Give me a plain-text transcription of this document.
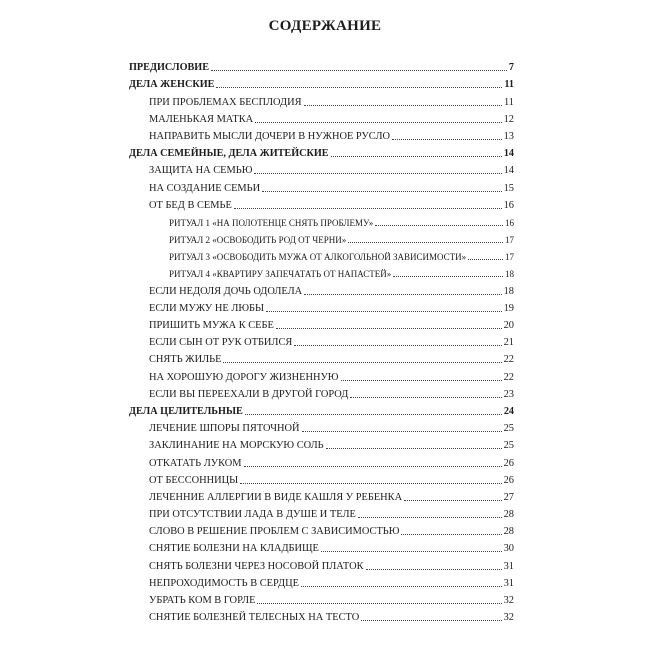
СОДЕРЖАНИЕ
ПРЕДИСЛОВИЕ	7
ДЕЛА ЖЕНСКИЕ	11
ПРИ ПРОБЛЕМАХ БЕСПЛОДИЯ	11
МАЛЕНЬКАЯ МАТКА	12
НАПРАВИТЬ МЫСЛИ ДОЧЕРИ В НУЖНОЕ РУСЛО	13
ДЕЛА СЕМЕЙНЫЕ, ДЕЛА ЖИТЕЙСКИЕ	14
ЗАЩИТА НА СЕМЬЮ	14
НА СОЗДАНИЕ СЕМЬИ	15
ОТ БЕД В СЕМЬЕ	16
РИТУАЛ 1 «НА ПОЛОТЕНЦЕ СНЯТЬ ПРОБЛЕМУ»	16
РИТУАЛ 2 «ОСВОБОДИТЬ РОД ОТ ЧЕРНИ»	17
РИТУАЛ 3 «ОСВОБОДИТЬ МУЖА ОТ АЛКОГОЛЬНОЙ ЗАВИСИМОСТИ»	17
РИТУАЛ 4 «КВАРТИРУ ЗАПЕЧАТАТЬ ОТ НАПАСТЕЙ»	18
ЕСЛИ НЕДОЛЯ ДОЧЬ ОДОЛЕЛА	18
ЕСЛИ МУЖУ НЕ ЛЮБЫ	19
ПРИШИТЬ МУЖА К СЕБЕ	20
ЕСЛИ СЫН ОТ РУК ОТБИЛСЯ	21
СНЯТЬ ЖИЛЬЕ	22
НА ХОРОШУЮ ДОРОГУ ЖИЗНЕННУЮ	22
ЕСЛИ ВЫ ПЕРЕЕХАЛИ В ДРУГОЙ ГОРОД	23
ДЕЛА ЦЕЛИТЕЛЬНЫЕ	24
ЛЕЧЕНИЕ ШПОРЫ ПЯТОЧНОЙ	25
ЗАКЛИНАНИЕ НА МОРСКУЮ СОЛЬ	25
ОТКАТАТЬ ЛУКОМ	26
ОТ БЕССОННИЦЫ	26
ЛЕЧЕННИЕ АЛЛЕРГИИ В ВИДЕ КАШЛЯ У РЕБЕНКА	27
ПРИ ОТСУТСТВИИ ЛАДА В ДУШЕ И ТЕЛЕ	28
СЛОВО В РЕШЕНИЕ ПРОБЛЕМ С ЗАВИСИМОСТЬЮ	28
СНЯТИЕ БОЛЕЗНИ НА КЛАДБИЩЕ	30
СНЯТЬ БОЛЕЗНИ ЧЕРЕЗ НОСОВОЙ ПЛАТОК	31
НЕПРОХОДИМОСТЬ В СЕРДЦЕ	31
УБРАТЬ КОМ В ГОРЛЕ	32
СНЯТИЕ БОЛЕЗНЕЙ ТЕЛЕСНЫХ НА ТЕСТО	32
